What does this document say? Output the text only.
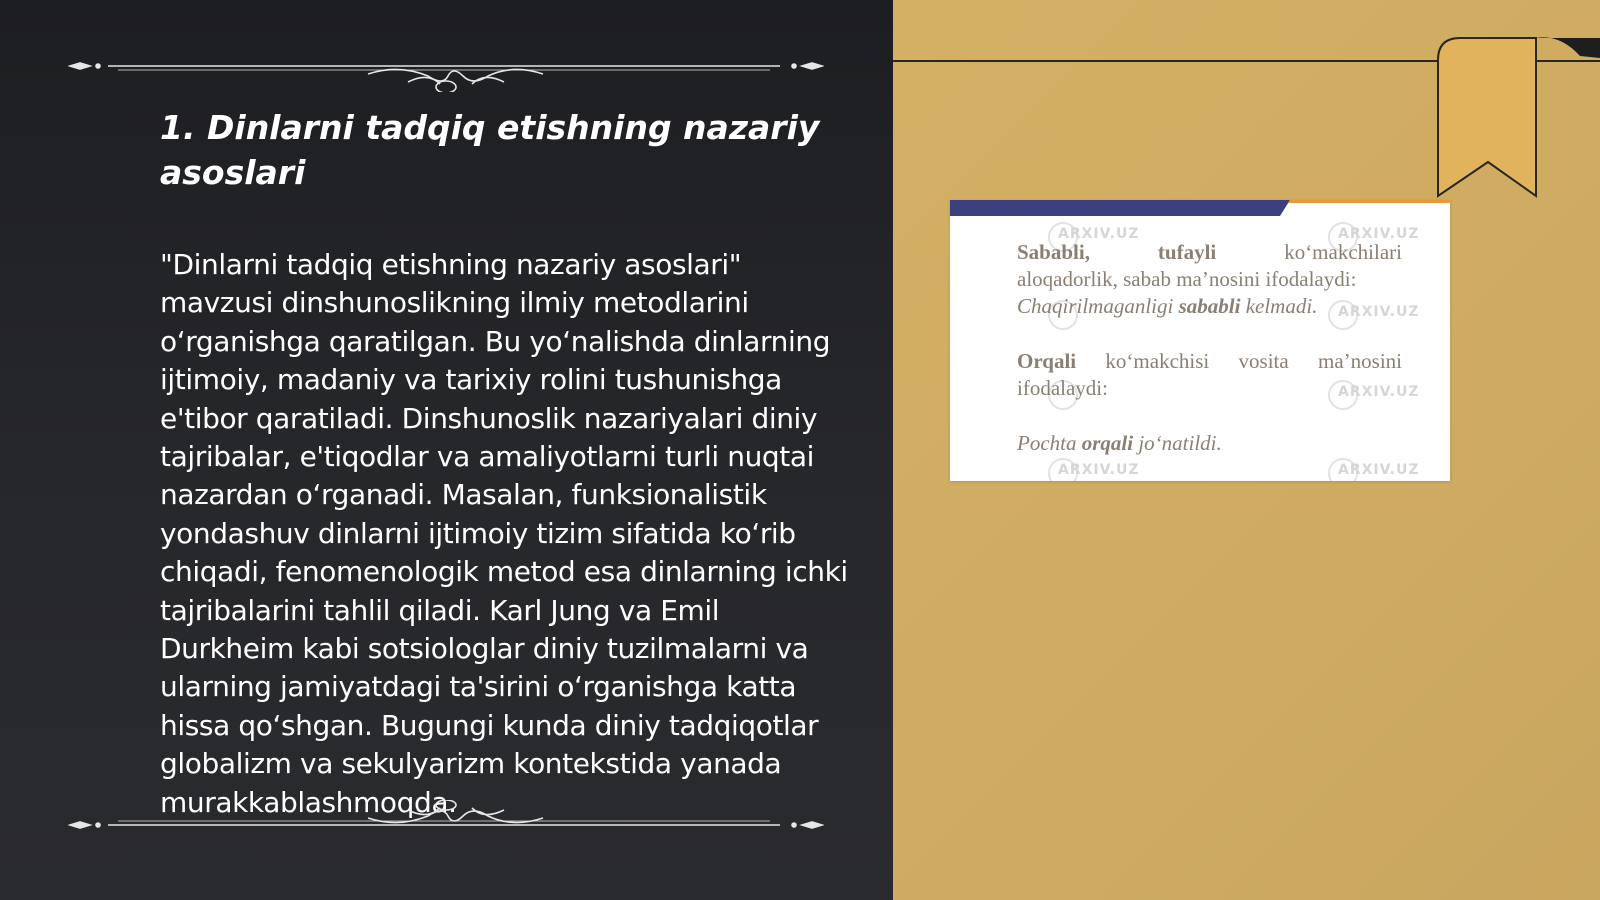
1. Dinlarni tadqiq etishning nazariy asoslari

"Dinlarni tadqiq etishning nazariy asoslari" mavzusi dinshunoslikning ilmiy metodlarini o‘rganishga qaratilgan. Bu yo‘nalishda dinlarning ijtimoiy, madaniy va tarixiy rolini tushunishga e'tibor qaratiladi. Dinshunoslik nazariyalari diniy tajribalar, e'tiqodlar va amaliyotlarni turli nuqtai nazardan o‘rganadi. Masalan, funksionalistik yondashuv dinlarni ijtimoiy tizim sifatida ko‘rib chiqadi, fenomenologik metod esa dinlarning ichki tajribalarini tahlil qiladi. Karl Jung va Emil Durkheim kabi sotsiologlar diniy tuzilmalarni va ularning jamiyatdagi ta'sirini o‘rganishga katta hissa qo‘shgan. Bugungi kunda diniy tadqiqotlar globalizm va sekulyarizm kontekstida yanada murakkablashmoqda.

ARXIV.UZ	ARXIV.UZ
ARXIV.UZ
ARXIV.UZ
ARXIV.UZ	ARXIV.UZ

Sababli,	tufayli	ko‘makchilari

aloqadorlik, sabab ma’nosini ifodalaydi:

Chaqirilmaganligi sababli kelmadi.

Orqali ko‘makchisi vosita ma’nosini

ifodalaydi:

Pochta orqali jo‘natildi.
